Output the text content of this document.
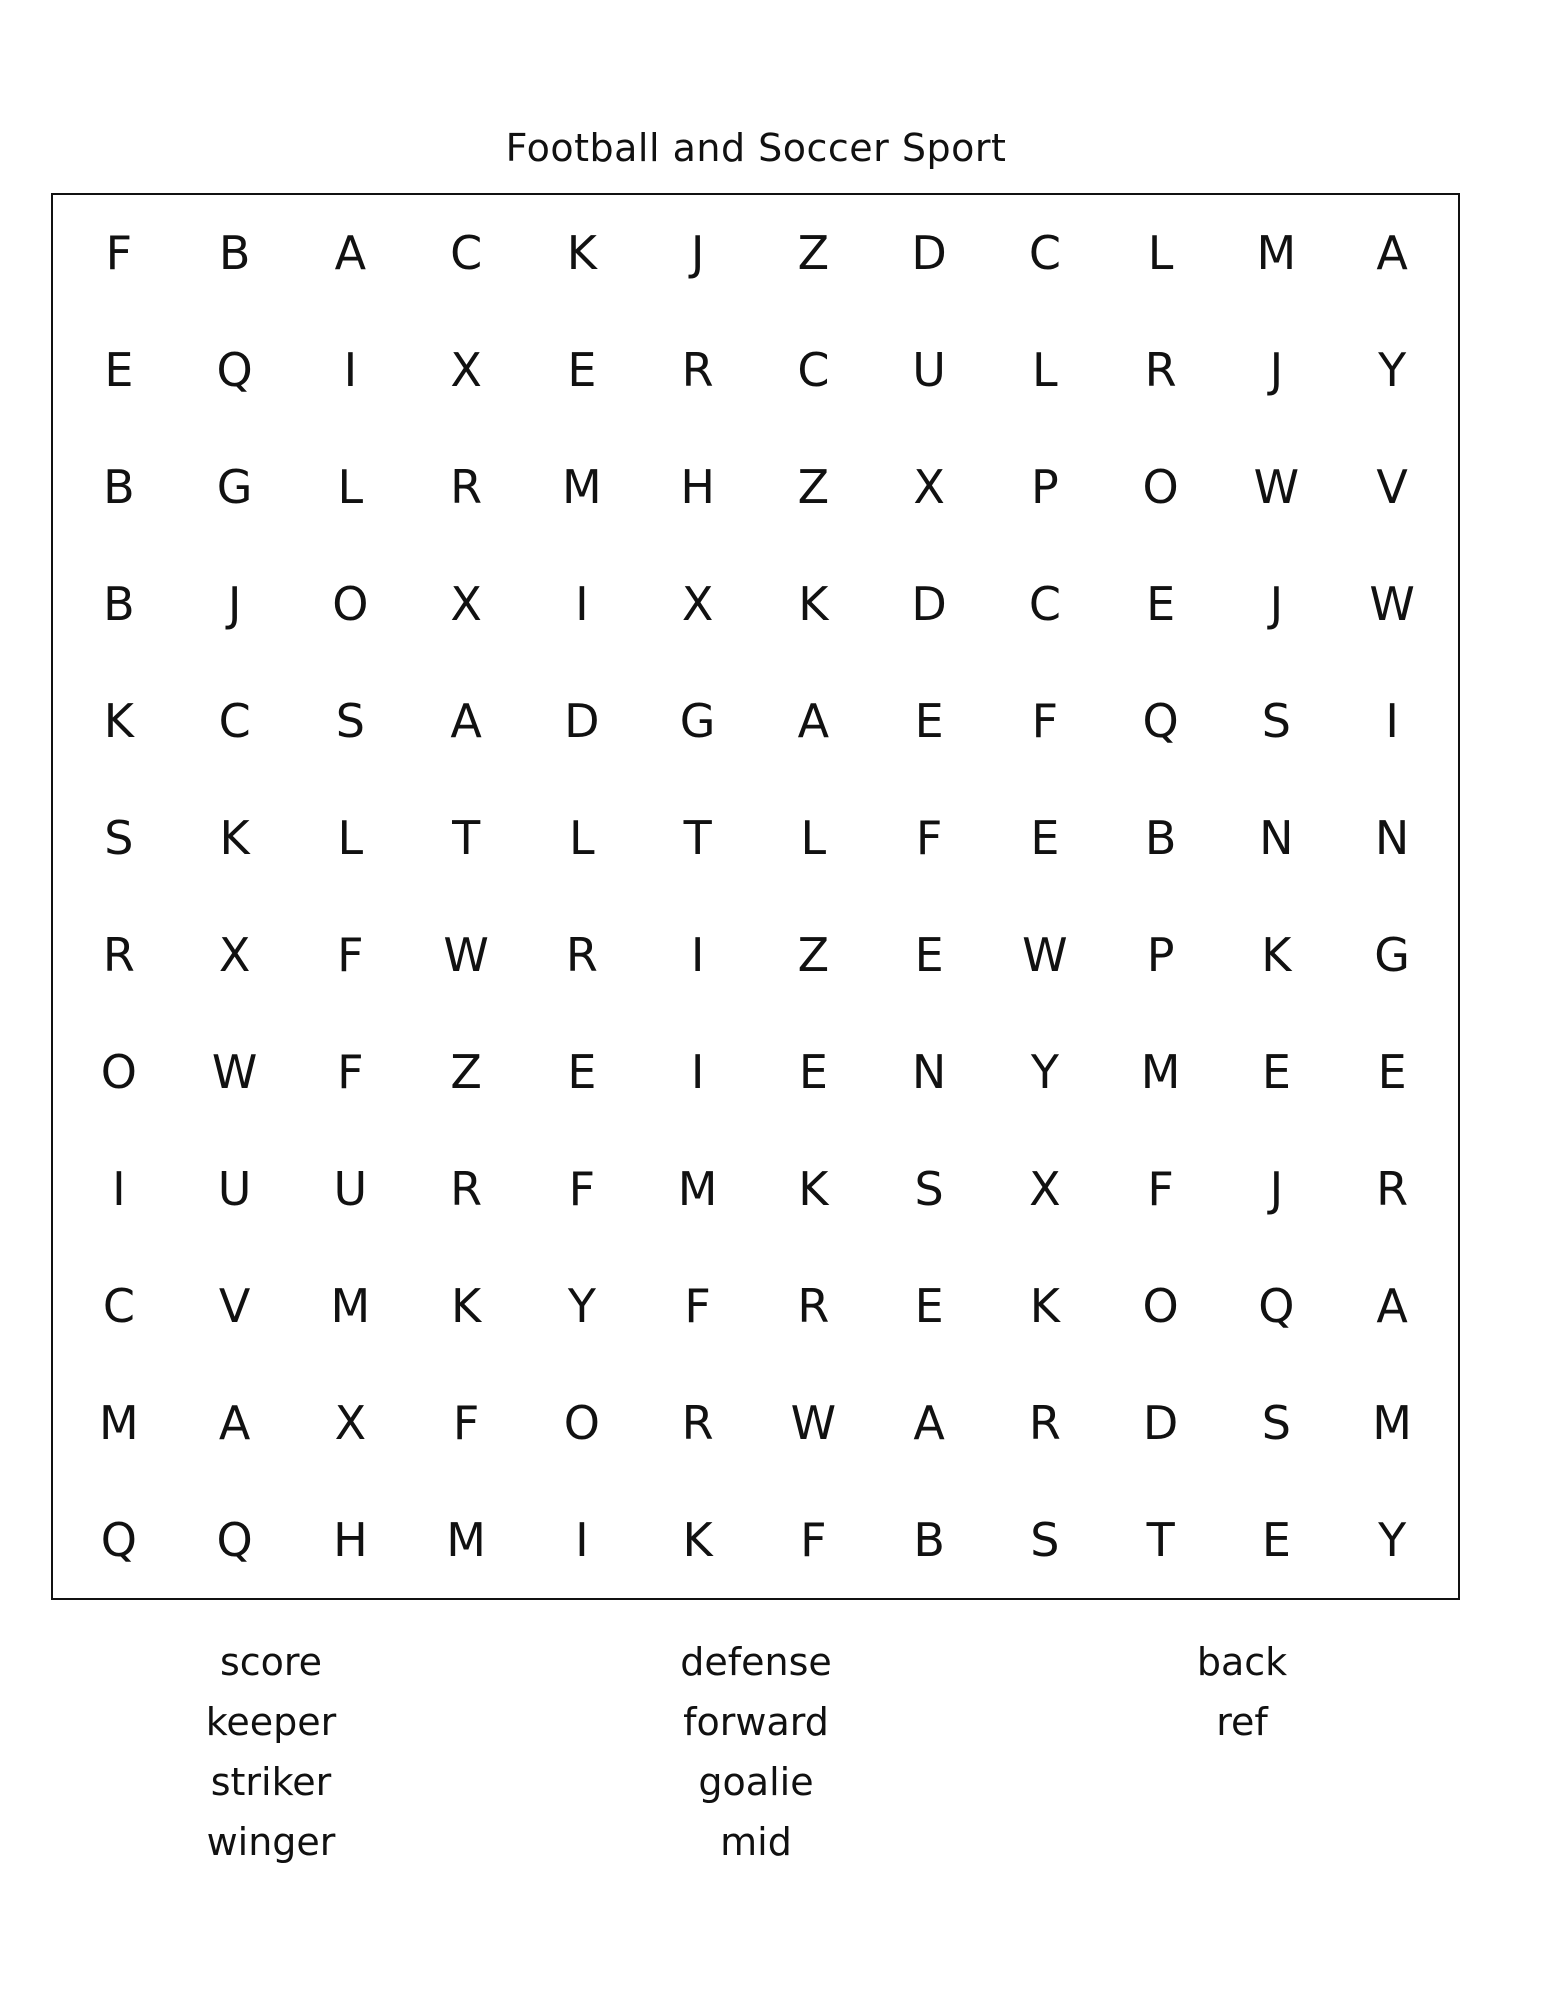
Football and Soccer Sport
F	B	A	C	K	J	Z	D	C	L	M	A
E	Q	I	X	E	R	C	U	L	R	J	Y
B	G	L	R	M	H	Z	X	P	O	W	V
B	J	O	X	I	X	K	D	C	E	J	W
K	C	S	A	D	G	A	E	F	Q	S	I
S	K	L	T	L	T	L	F	E	B	N	N
R	X	F	W	R	I	Z	E	W	P	K	G
O	W	F	Z	E	I	E	N	Y	M	E	E
I	U	U	R	F	M	K	S	X	F	J	R
C	V	M	K	Y	F	R	E	K	O	Q	A
M	A	X	F	O	R	W	A	R	D	S	M
Q	Q	H	M	I	K	F	B	S	T	E	Y
score
keeper
striker
winger
defense
forward
goalie
mid
back
ref
